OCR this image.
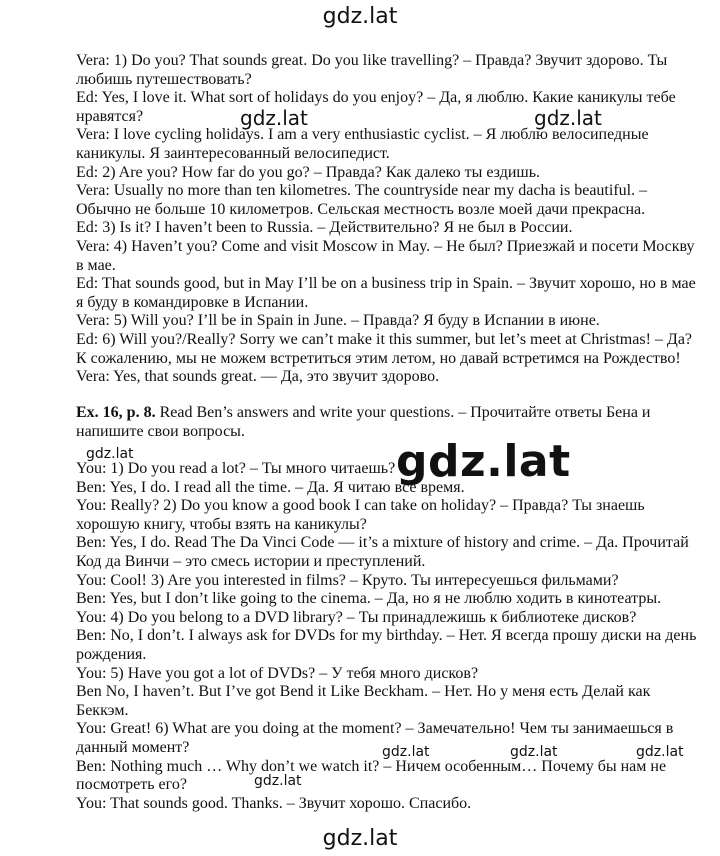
gdz.lat
gdz.lat	gdz.lat
Vera: 1) Do you? That sounds great. Do you like travelling? – Правда? Звучит здорово. Ты
любишь путешествовать?
Ed: Yes, I love it. What sort of holidays do you enjoy? – Да, я люблю. Какие каникулы тебе
нравятся?
Vera: I love cycling holidays. I am a very enthusiastic cyclist. – Я люблю велосипедные
каникулы. Я заинтересованный велосипедист.
Ed: 2) Are you? How far do you go? – Правда? Как далеко ты ездишь.
Vera: Usually no more than ten kilometres. The countryside near my dacha is beautiful. –
Обычно не больше 10 километров. Сельская местность возле моей дачи прекрасна.
Ed: 3) Is it? I haven’t been to Russia. – Действительно? Я не был в России.
Vera: 4) Haven’t you? Come and visit Moscow in May. – Не был? Приезжай и посети Москву
в мае.
Ed: That sounds good, but in May I’ll be on a business trip in Spain. – Звучит хорошо, но в мае
я буду в командировке в Испании.
Vera: 5) Will you? I’ll be in Spain in June. – Правда? Я буду в Испании в июне.
Ed: 6) Will you?/Really? Sorry we can’t make it this summer, but let’s meet at Christmas! – Да?
К сожалению, мы не можем встретиться этим летом, но давай встретимся на Рождество!
Vera: Yes, that sounds great. — Да, это звучит здорово.
Ex. 16, p. 8. Read Ben’s answers and write your questions. – Прочитайте ответы Бена и
напишите свои вопросы.
You: 1) Do you read a lot? – Ты много читаешь?
Ben: Yes, I do. I read all the time. – Да. Я читаю все время.
You: Really? 2) Do you know a good book I can take on holiday? – Правда? Ты знаешь
хорошую книгу, чтобы взять на каникулы?
Ben: Yes, I do. Read The Da Vinci Code — it’s a mixture of history and crime. – Да. Прочитай
Код да Винчи – это смесь истории и преступлений.
You: Cool! 3) Are you interested in films? – Круто. Ты интересуешься фильмами?
Ben: Yes, but I don’t like going to the cinema. – Да, но я не люблю ходить в кинотеатры.
You: 4) Do you belong to a DVD library? – Ты принадлежишь к библиотеке дисков?
Ben: No, I don’t. I always ask for DVDs for my birthday. – Нет. Я всегда прошу диски на день
рождения.
You: 5) Have you got a lot of DVDs? – У тебя много дисков?
Ben No, I haven’t. But I’ve got Bend it Like Beckham. – Нет. Но у меня есть Делай как
Беккэм.
You: Great! 6) What are you doing at the moment? – Замечательно! Чем ты занимаешься в
данный момент?
Ben: Nothing much … Why don’t we watch it? – Ничем особенным… Почему бы нам не
посмотреть его?
You: That sounds good. Thanks. – Звучит хорошо. Спасибо.
gdz.lat	gdz.lat
gdz.lat	gdz.lat	gdz.lat
gdz.lat
gdz.lat
